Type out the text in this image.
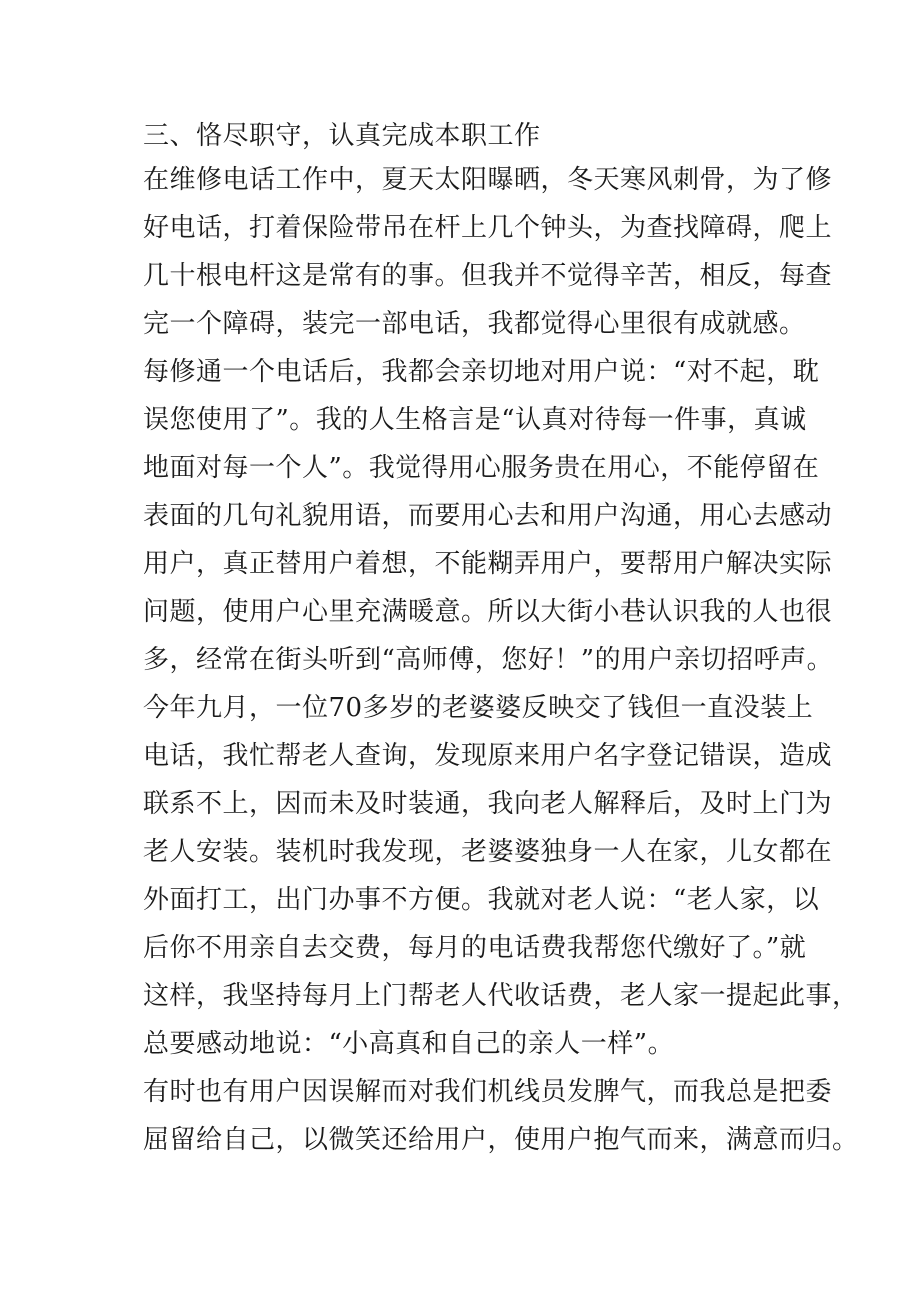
三、恪尽职守，认真完成本职工作
在维修电话工作中，夏天太阳曝晒，冬天寒风刺骨，为了修
好电话，打着保险带吊在杆上几个钟头，为查找障碍，爬上
几十根电杆这是常有的事。但我并不觉得辛苦，相反，每查
完一个障碍，装完一部电话，我都觉得心里很有成就感。
每修通一个电话后，我都会亲切地对用户说：“对不起，耽
误您使用了”。我的人生格言是“认真对待每一件事，真诚
地面对每一个人”。我觉得用心服务贵在用心，不能停留在
表面的几句礼貌用语，而要用心去和用户沟通，用心去感动
用户，真正替用户着想，不能糊弄用户，要帮用户解决实际
问题，使用户心里充满暖意。所以大街小巷认识我的人也很
多，经常在街头听到“高师傅，您好！”的用户亲切招呼声。
今年九月，一位70多岁的老婆婆反映交了钱但一直没装上
电话，我忙帮老人查询，发现原来用户名字登记错误，造成
联系不上，因而未及时装通，我向老人解释后，及时上门为
老人安装。装机时我发现，老婆婆独身一人在家，儿女都在
外面打工，出门办事不方便。我就对老人说：“老人家，以
后你不用亲自去交费，每月的电话费我帮您代缴好了。”就
这样，我坚持每月上门帮老人代收话费，老人家一提起此事，
总要感动地说：“小高真和自己的亲人一样”。
有时也有用户因误解而对我们机线员发脾气，而我总是把委
屈留给自己，以微笑还给用户，使用户抱气而来，满意而归。
